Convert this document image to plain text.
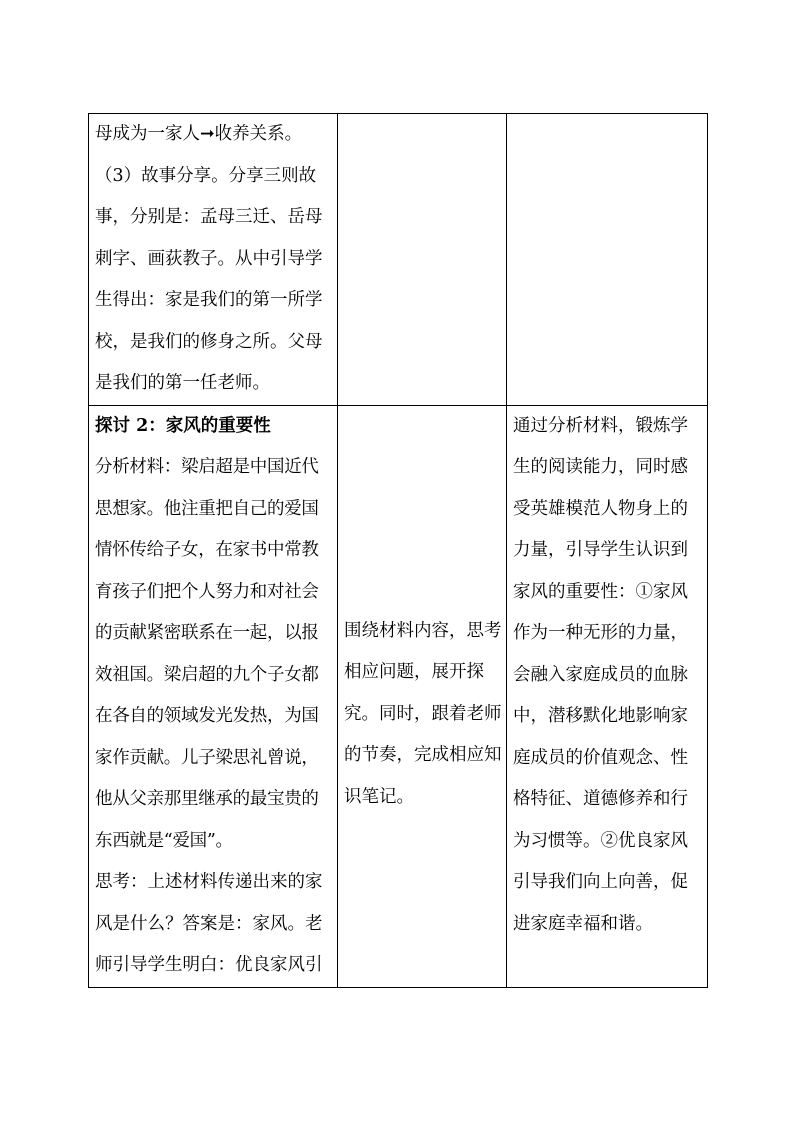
母成为一家人➞收养关系。
（3）故事分享。分享三则故事，分别是：孟母三迁、岳母刺字、画荻教子。从中引导学生得出：家是我们的第一所学校，是我们的修身之所。父母是我们的第一任老师。		

探讨 2：家风的重要性
分析材料：梁启超是中国近代思想家。他注重把自己的爱国情怀传给子女，在家书中常教育孩子们把个人努力和对社会的贡献紧密联系在一起，以报效祖国。梁启超的九个子女都在各自的领域发光发热，为国家作贡献。儿子梁思礼曾说，他从父亲那里继承的最宝贵的东西就是“爱国”。
思考：上述材料传递出来的家风是什么？答案是：家风。老师引导学生明白：优良家风引	围绕材料内容，思考相应问题，展开探究。同时，跟着老师的节奏，完成相应知识笔记。	通过分析材料，锻炼学生的阅读能力，同时感受英雄模范人物身上的力量，引导学生认识到家风的重要性：①家风作为一种无形的力量，会融入家庭成员的血脉中，潜移默化地影响家庭成员的价值观念、性格特征、道德修养和行为习惯等。②优良家风引导我们向上向善，促进家庭幸福和谐。
